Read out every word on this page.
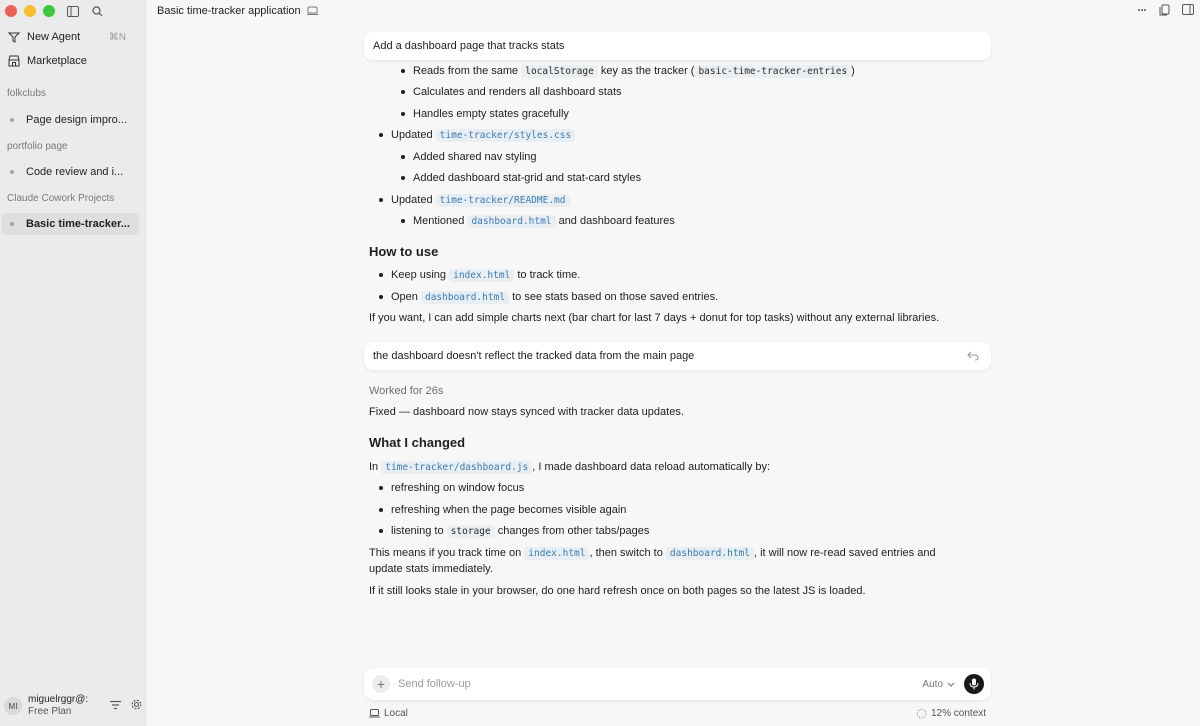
New Agent	⌘N
Marketplace
folkclubs
Page design impro...
portfolio page
Code review and i...
Claude Cowork Projects
Basic time-tracker...
MI
miguelrggr@:
Free Plan
Basic time-tracker application
Add a dashboard page that tracks stats
Reads from the same localStorage key as the tracker ( basic-time-tracker-entries )
Calculates and renders all dashboard stats
Handles empty states gracefully
Updated time-tracker/styles.css
Added shared nav styling
Added dashboard stat-grid and stat-card styles
Updated time-tracker/README.md
Mentioned dashboard.html and dashboard features
How to use
Keep using index.html to track time.
Open dashboard.html to see stats based on those saved entries.
If you want, I can add simple charts next (bar chart for last 7 days + donut for top tasks) without any external libraries.
the dashboard doesn't reflect the tracked data from the main page
Worked for 26s
Fixed — dashboard now stays synced with tracker data updates.
What I changed
In time-tracker/dashboard.js , I made dashboard data reload automatically by:
refreshing on window focus
refreshing when the page becomes visible again
listening to storage changes from other tabs/pages
This means if you track time on index.html , then switch to dashboard.html , it will now re-read saved entries and
update stats immediately.
If it still looks stale in your browser, do one hard refresh once on both pages so the latest JS is loaded.
+
Send follow-up	Auto
Local	12% context
